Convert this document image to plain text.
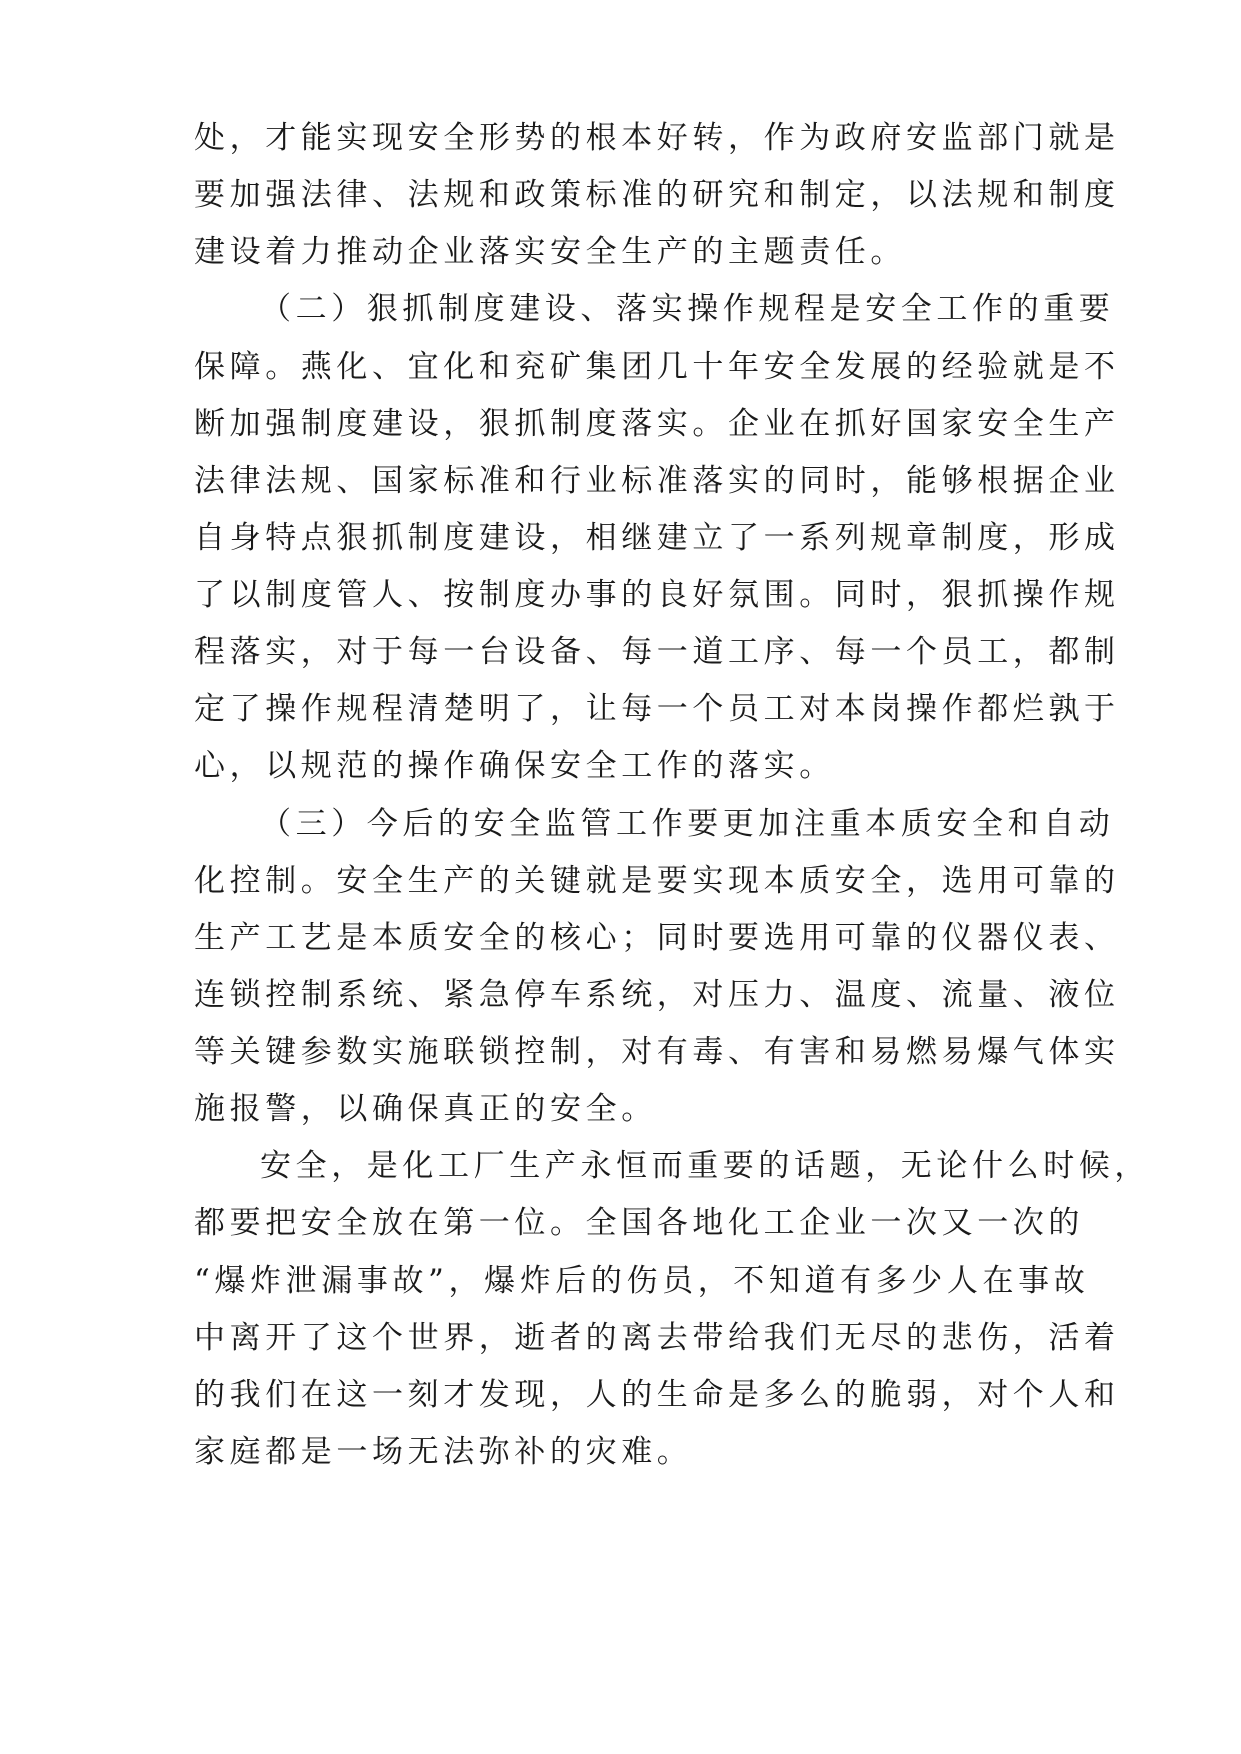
处，才能实现安全形势的根本好转，作为政府安监部门就是
要加强法律、法规和政策标准的研究和制定，以法规和制度
建设着力推动企业落实安全生产的主题责任。
（二）狠抓制度建设、落实操作规程是安全工作的重要
保障。燕化、宜化和兖矿集团几十年安全发展的经验就是不
断加强制度建设，狠抓制度落实。企业在抓好国家安全生产
法律法规、国家标准和行业标准落实的同时，能够根据企业
自身特点狠抓制度建设，相继建立了一系列规章制度，形成
了以制度管人、按制度办事的良好氛围。同时，狠抓操作规
程落实，对于每一台设备、每一道工序、每一个员工，都制
定了操作规程清楚明了，让每一个员工对本岗操作都烂孰于
心，以规范的操作确保安全工作的落实。
（三）今后的安全监管工作要更加注重本质安全和自动
化控制。安全生产的关键就是要实现本质安全，选用可靠的
生产工艺是本质安全的核心；同时要选用可靠的仪器仪表、
连锁控制系统、紧急停车系统，对压力、温度、流量、液位
等关键参数实施联锁控制，对有毒、有害和易燃易爆气体实
施报警，以确保真正的安全。
安全，是化工厂生产永恒而重要的话题，无论什么时候，
都要把安全放在第一位。全国各地化工企业一次又一次的
“爆炸泄漏事故”，爆炸后的伤员，不知道有多少人在事故
中离开了这个世界，逝者的离去带给我们无尽的悲伤，活着
的我们在这一刻才发现，人的生命是多么的脆弱，对个人和
家庭都是一场无法弥补的灾难。
